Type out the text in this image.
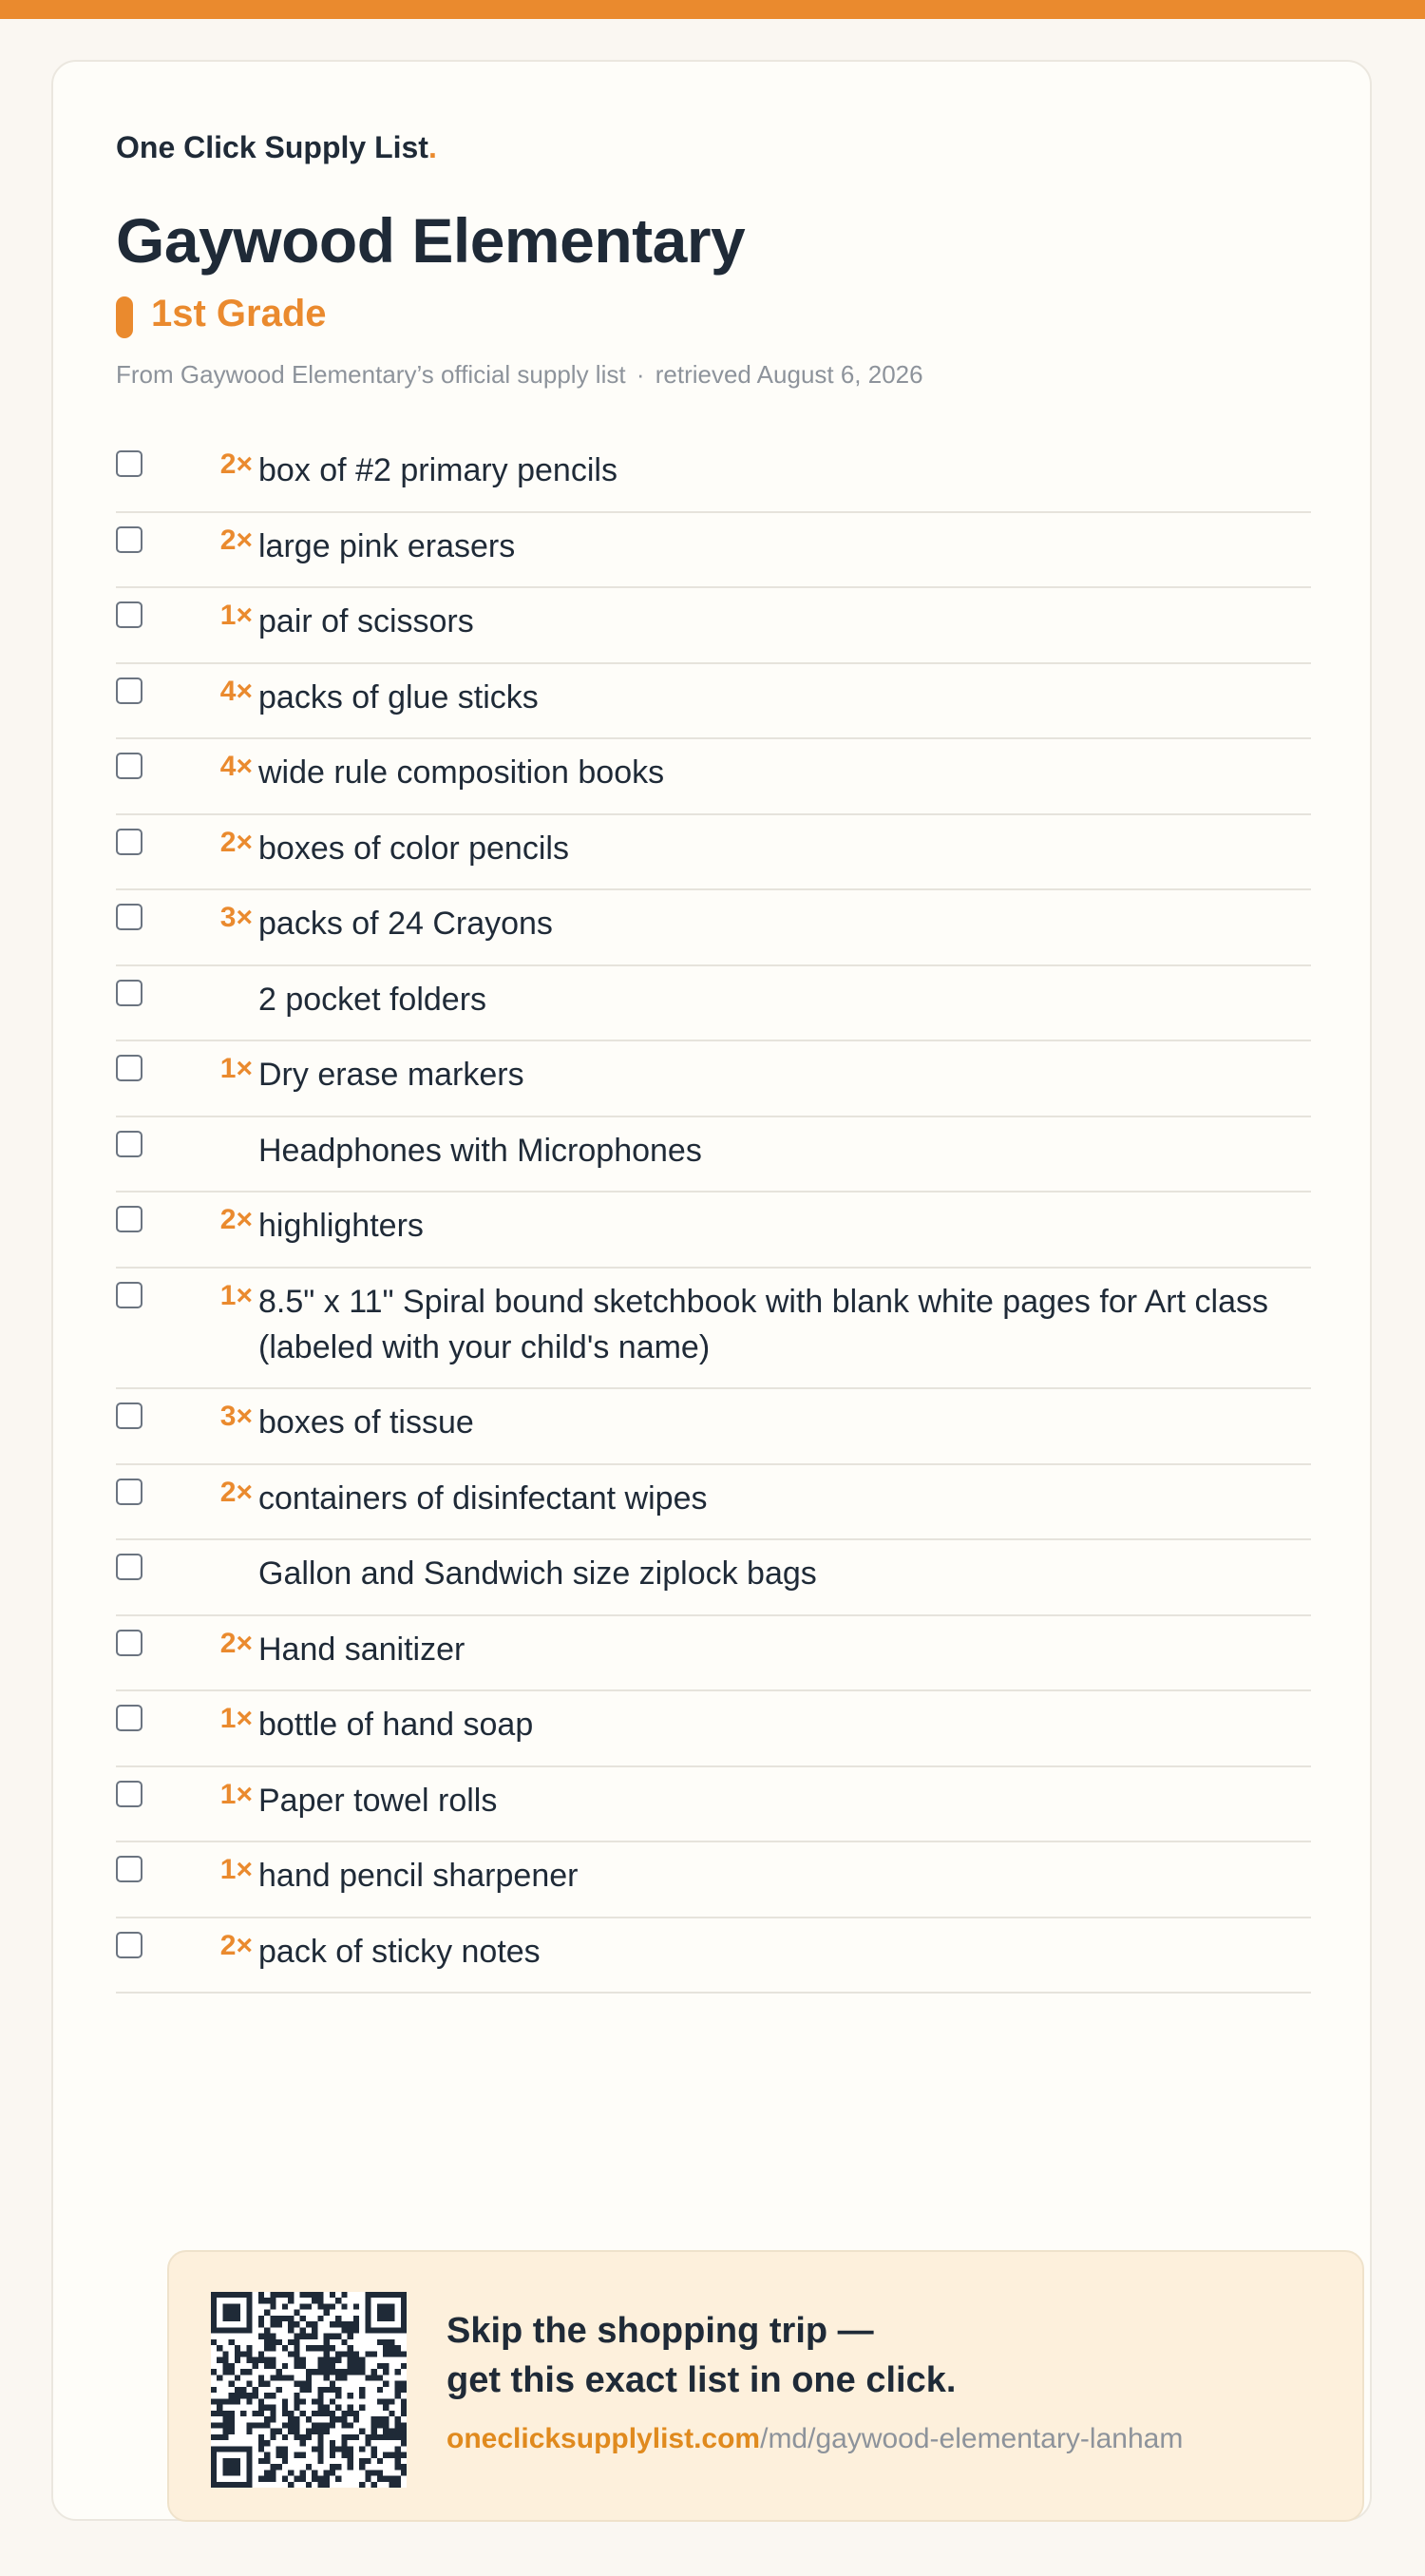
One Click Supply List.
Gaywood Elementary
1st Grade
From Gaywood Elementary’s official supply list · retrieved August 6, 2026
2× box of #2 primary pencils
2× large pink erasers
1× pair of scissors
4× packs of glue sticks
4× wide rule composition books
2× boxes of color pencils
3× packs of 24 Crayons
2 pocket folders
1× Dry erase markers
Headphones with Microphones
2× highlighters
1× 8.5" x 11" Spiral bound sketchbook with blank white pages for Art class (labeled with your child's name)
3× boxes of tissue
2× containers of disinfectant wipes
Gallon and Sandwich size ziplock bags
2× Hand sanitizer
1× bottle of hand soap
1× Paper towel rolls
1× hand pencil sharpener
2× pack of sticky notes
Skip the shopping trip —
get this exact list in one click.
oneclicksupplylist.com/md/gaywood-elementary-lanham
